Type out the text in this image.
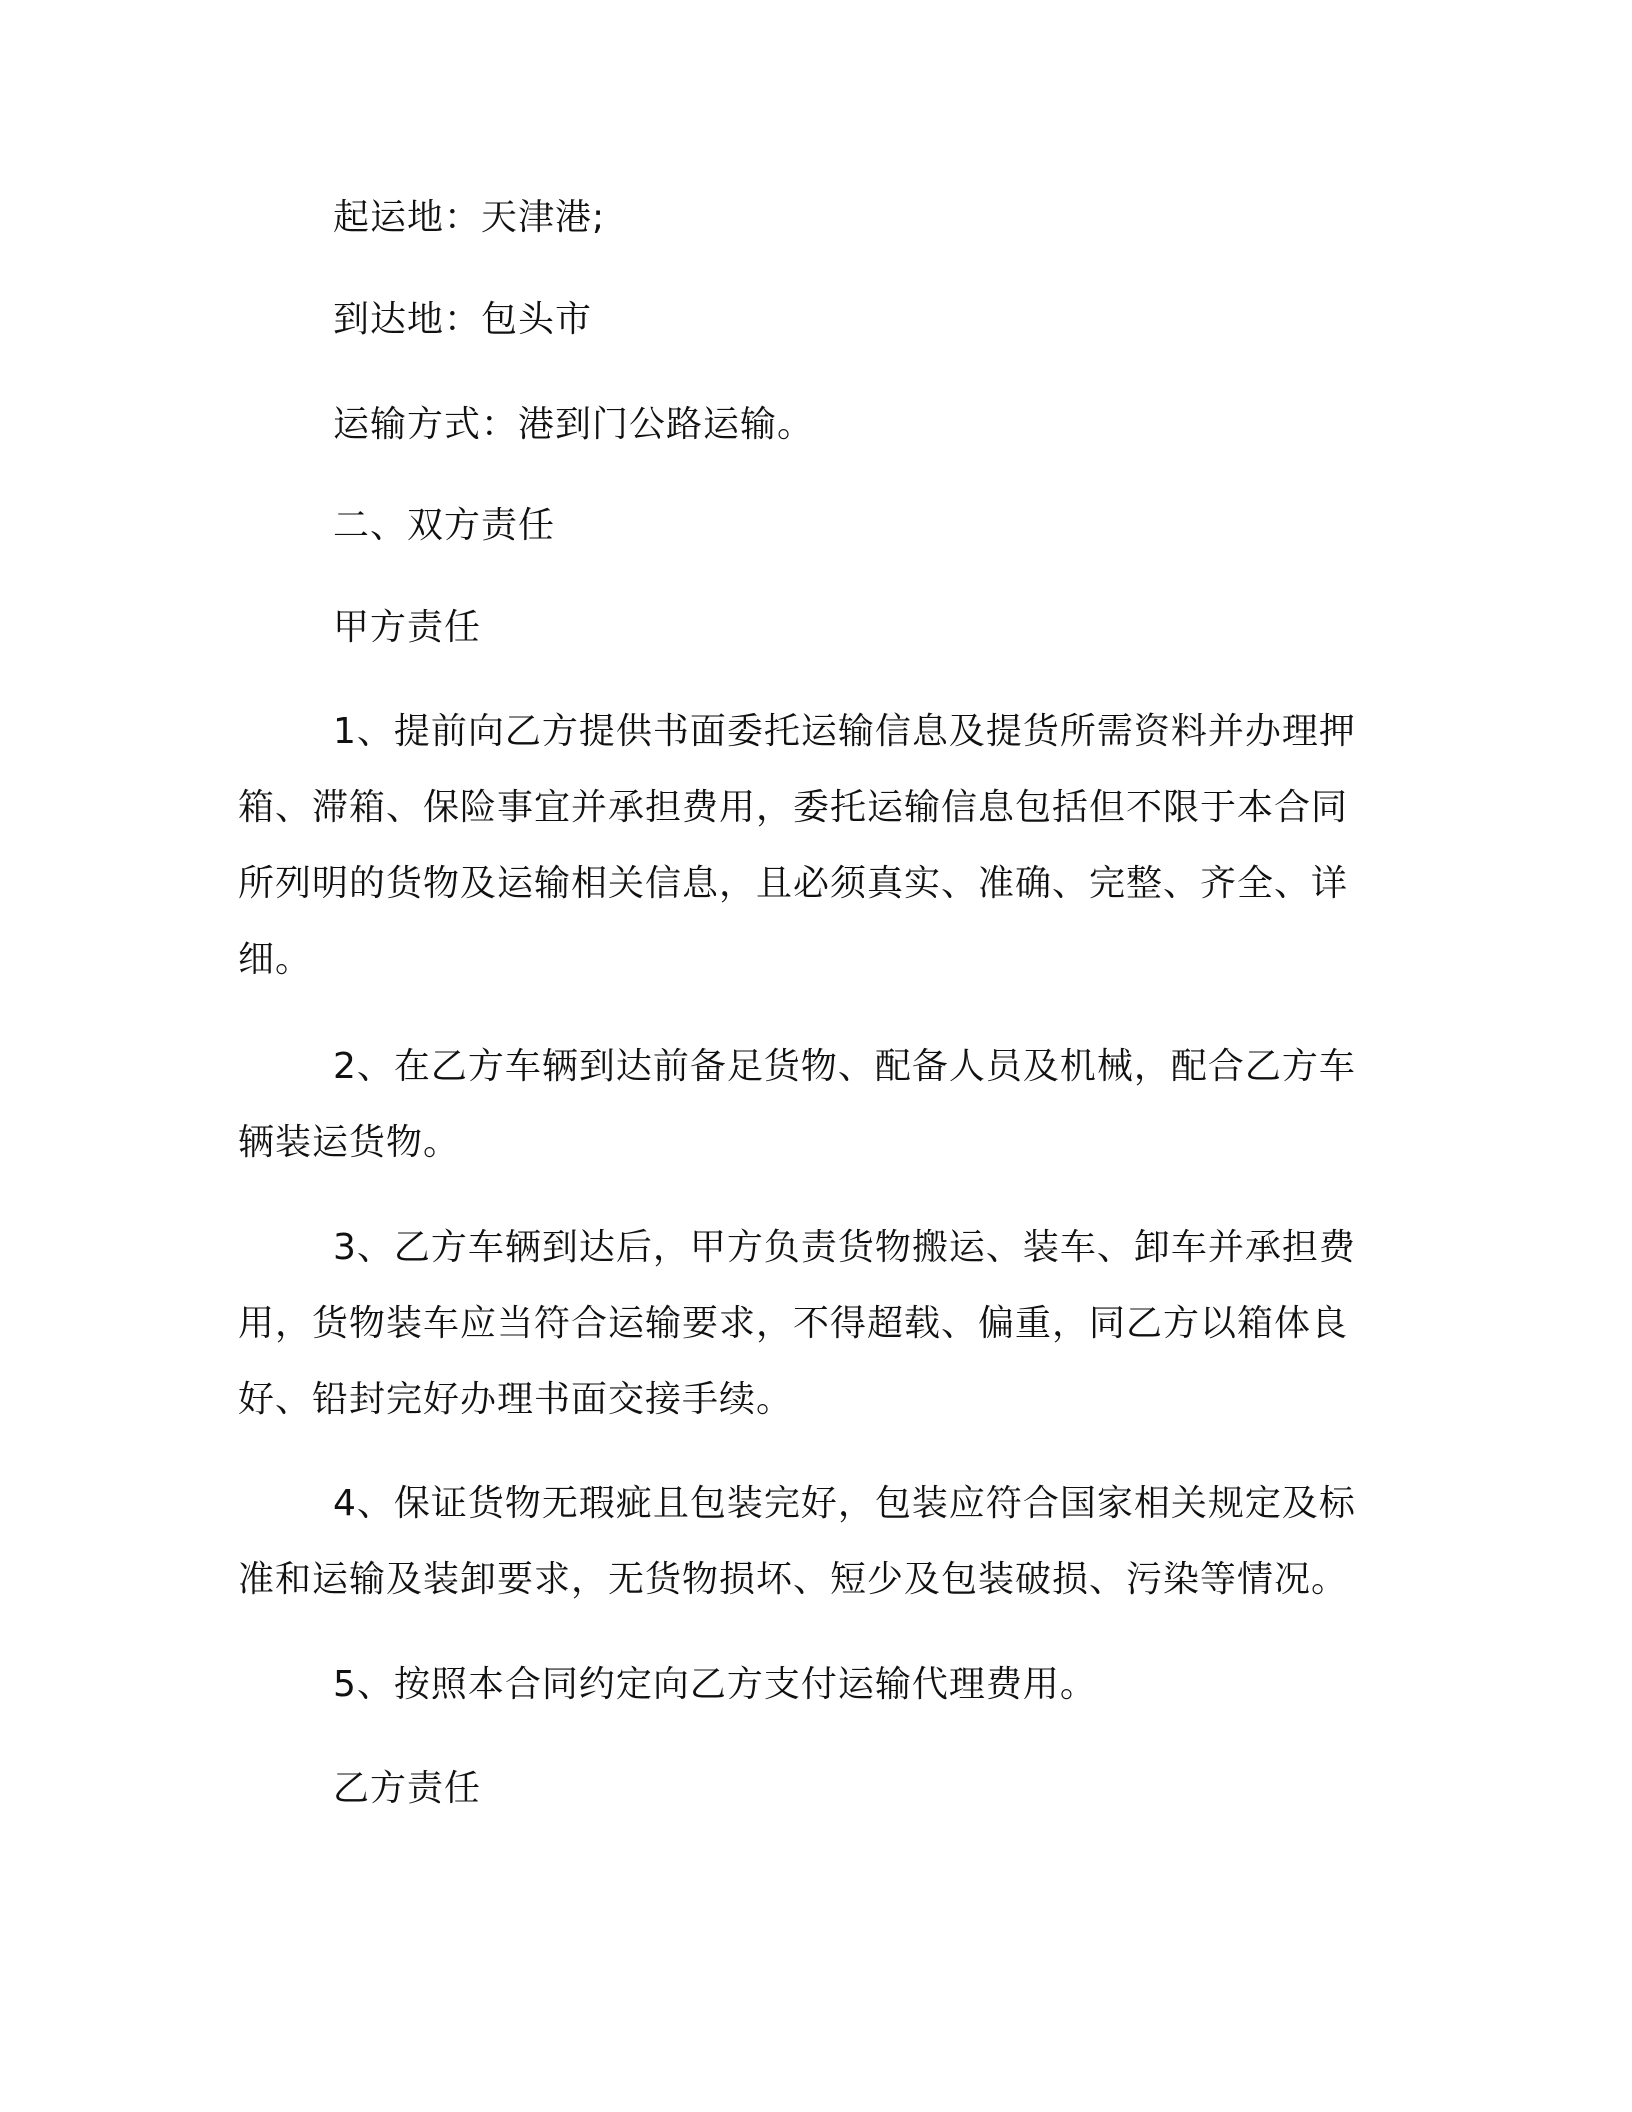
起运地：天津港;
到达地：包头市
运输方式：港到门公路运输。
二、双方责任
甲方责任
1、提前向乙方提供书面委托运输信息及提货所需资料并办理押
箱、滞箱、保险事宜并承担费用，委托运输信息包括但不限于本合同
所列明的货物及运输相关信息，且必须真实、准确、完整、齐全、详
细。
2、在乙方车辆到达前备足货物、配备人员及机械，配合乙方车
辆装运货物。
3、乙方车辆到达后，甲方负责货物搬运、装车、卸车并承担费
用，货物装车应当符合运输要求，不得超载、偏重，同乙方以箱体良
好、铅封完好办理书面交接手续。
4、保证货物无瑕疵且包装完好，包装应符合国家相关规定及标
准和运输及装卸要求，无货物损坏、短少及包装破损、污染等情况。
5、按照本合同约定向乙方支付运输代理费用。
乙方责任
